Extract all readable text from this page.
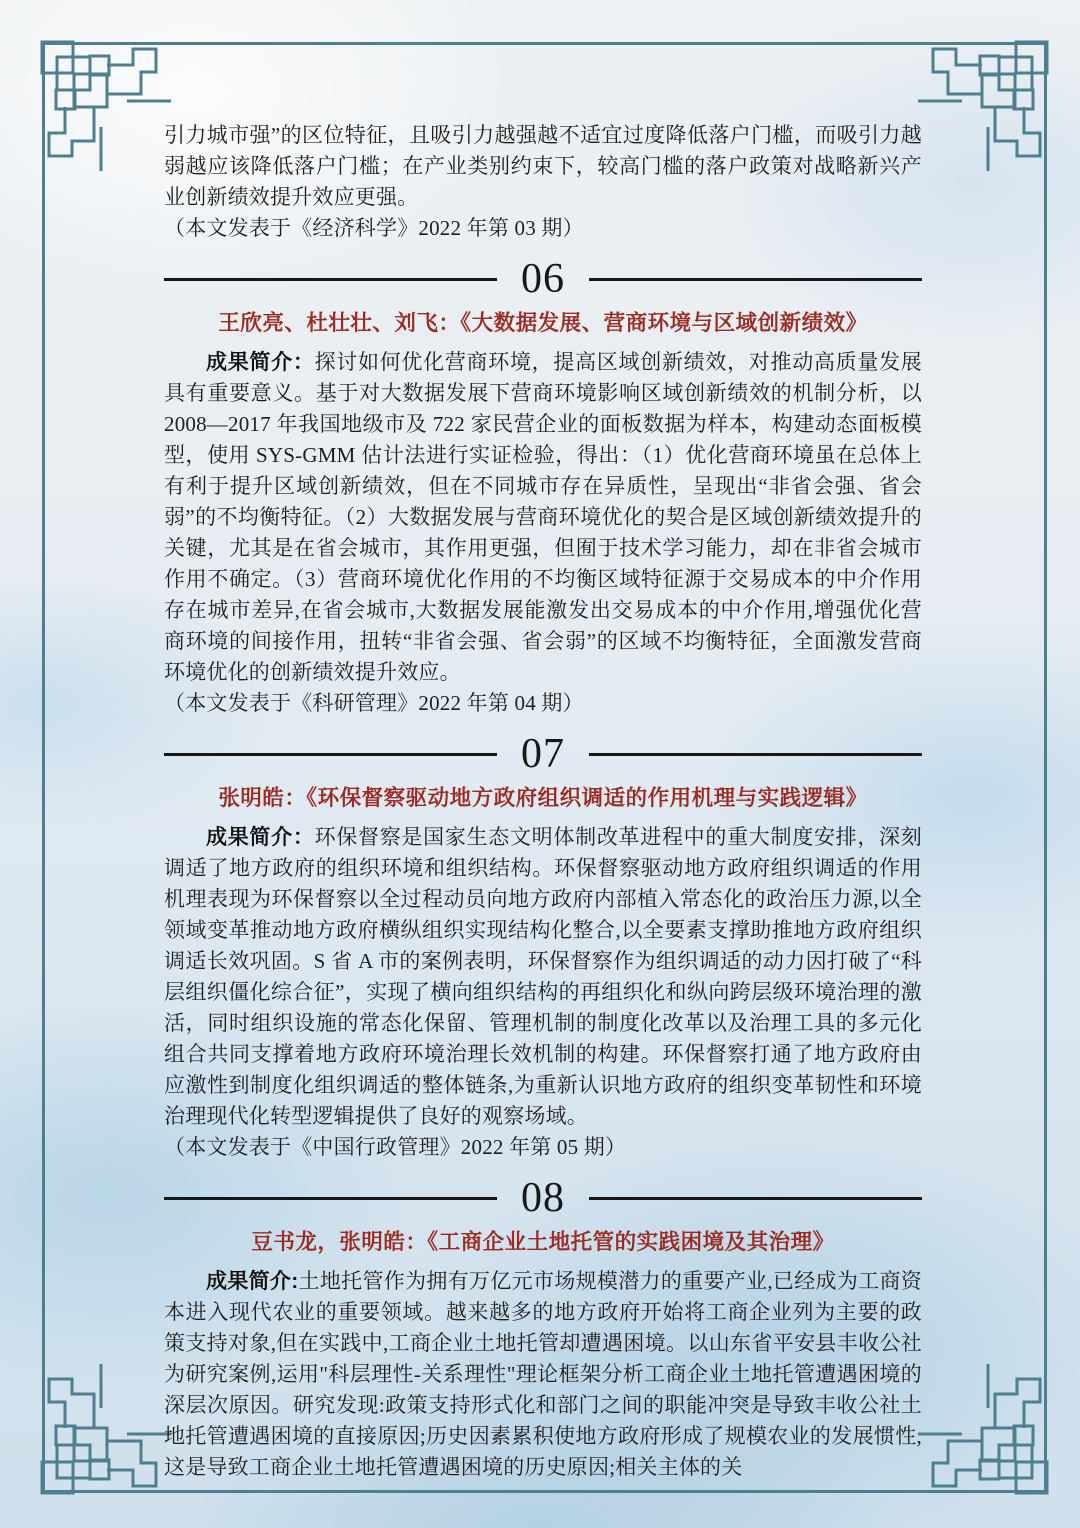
引力城市强”的区位特征，且吸引力越强越不适宜过度降低落户门槛，而吸引力越弱越应该降低落户门槛；在产业类别约束下，较高门槛的落户政策对战略新兴产业创新绩效提升效应更强。

（本文发表于《经济科学》2022 年第 03 期）

06
王欣亮、杜壮壮、刘飞：《大数据发展、营商环境与区域创新绩效》

成果简介：探讨如何优化营商环境，提高区域创新绩效，对推动高质量发展具有重要意义。基于对大数据发展下营商环境影响区域创新绩效的机制分析，以2008—2017 年我国地级市及 722 家民营企业的面板数据为样本，构建动态面板模型，使用 SYS-GMM 估计法进行实证检验，得出：（1）优化营商环境虽在总体上有利于提升区域创新绩效，但在不同城市存在异质性，呈现出“非省会强、省会弱”的不均衡特征。（2）大数据发展与营商环境优化的契合是区域创新绩效提升的关键，尤其是在省会城市，其作用更强，但囿于技术学习能力，却在非省会城市作用不确定。（3）营商环境优化作用的不均衡区域特征源于交易成本的中介作用存在城市差异,在省会城市,大数据发展能激发出交易成本的中介作用,增强优化营商环境的间接作用，扭转“非省会强、省会弱”的区域不均衡特征，全面激发营商环境优化的创新绩效提升效应。

（本文发表于《科研管理》2022 年第 04 期）

07
张明皓：《环保督察驱动地方政府组织调适的作用机理与实践逻辑》

成果简介：环保督察是国家生态文明体制改革进程中的重大制度安排，深刻调适了地方政府的组织环境和组织结构。环保督察驱动地方政府组织调适的作用机理表现为环保督察以全过程动员向地方政府内部植入常态化的政治压力源,以全领域变革推动地方政府横纵组织实现结构化整合,以全要素支撑助推地方政府组织调适长效巩固。S 省 A 市的案例表明，环保督察作为组织调适的动力因打破了“科层组织僵化综合征”，实现了横向组织结构的再组织化和纵向跨层级环境治理的激活，同时组织设施的常态化保留、管理机制的制度化改革以及治理工具的多元化组合共同支撑着地方政府环境治理长效机制的构建。环保督察打通了地方政府由应激性到制度化组织调适的整体链条,为重新认识地方政府的组织变革韧性和环境治理现代化转型逻辑提供了良好的观察场域。

（本文发表于《中国行政管理》2022 年第 05 期）

08
豆书龙，张明皓：《工商企业土地托管的实践困境及其治理》

成果简介:土地托管作为拥有万亿元市场规模潜力的重要产业,已经成为工商资本进入现代农业的重要领域。越来越多的地方政府开始将工商企业列为主要的政策支持对象,但在实践中,工商企业土地托管却遭遇困境。以山东省平安县丰收公社为研究案例,运用"科层理性-关系理性"理论框架分析工商企业土地托管遭遇困境的深层次原因。研究发现:政策支持形式化和部门之间的职能冲突是导致丰收公社土地托管遭遇困境的直接原因;历史因素累积使地方政府形成了规模农业的发展惯性,这是导致工商企业土地托管遭遇困境的历史原因;相关主体的关
